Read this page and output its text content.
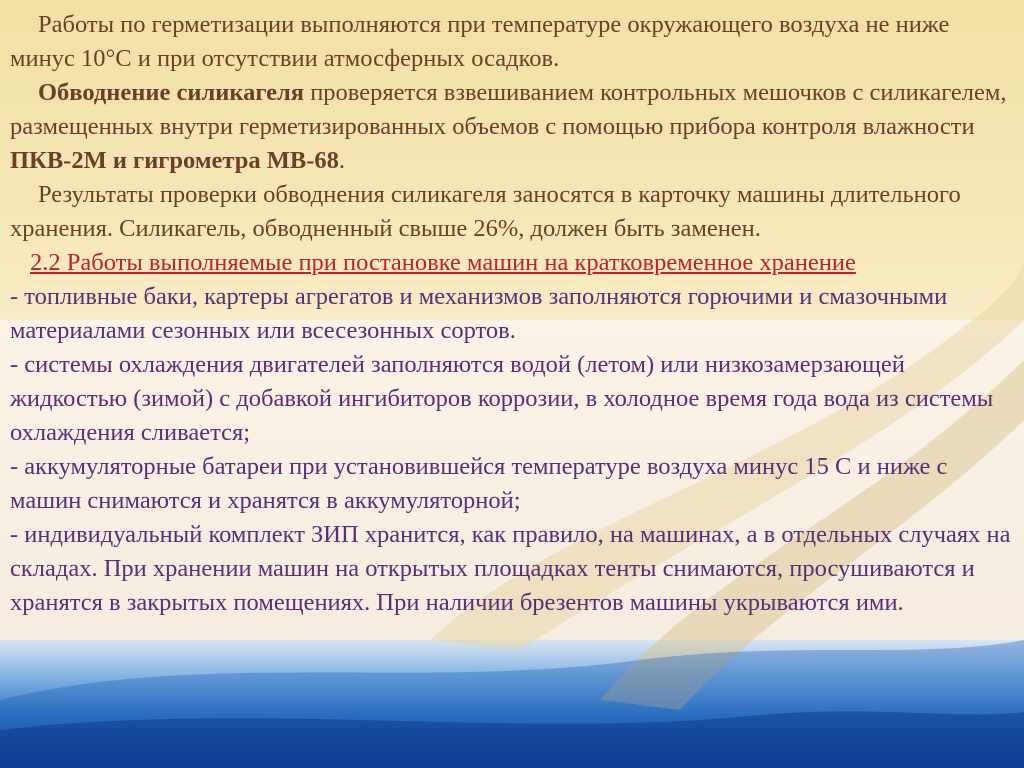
Работы по герметизации выполняются при температуре окружающего воздуха не ниже минус 10°С и при отсутствии атмосферных осадков.

Обводнение силикагеля проверяется взвешиванием контрольных мешочков с силикагелем, размещенных внутри герметизированных объемов с помощью прибора контроля влажности ПКВ-2М и гигрометра МВ-68.

Результаты проверки обводнения силикагеля заносятся в карточку машины длительного хранения. Силикагель, обводненный свыше 26%, должен быть заменен.

2.2 Работы выполняемые при постановке машин на кратковременное хранение

- топливные баки, картеры агрегатов и механизмов заполняются горючими и смазочными материалами сезонных или всесезонных сортов.

- системы охлаждения двигателей заполняются водой (летом) или низкозамерзающей жидкостью (зимой) с добавкой ингибиторов коррозии, в холодное время года вода из системы охлаждения сливается;

- аккумуляторные батареи при установившейся температуре воздуха минус 15 С и ниже с машин снимаются и хранятся в аккумуляторной;

- индивидуальный комплект ЗИП хранится, как правило, на машинах, а в отдельных случаях на складах. При хранении машин на открытых площадках тенты снимаются, просушиваются и хранятся в закрытых помещениях. При наличии брезентов машины укрываются ими.
